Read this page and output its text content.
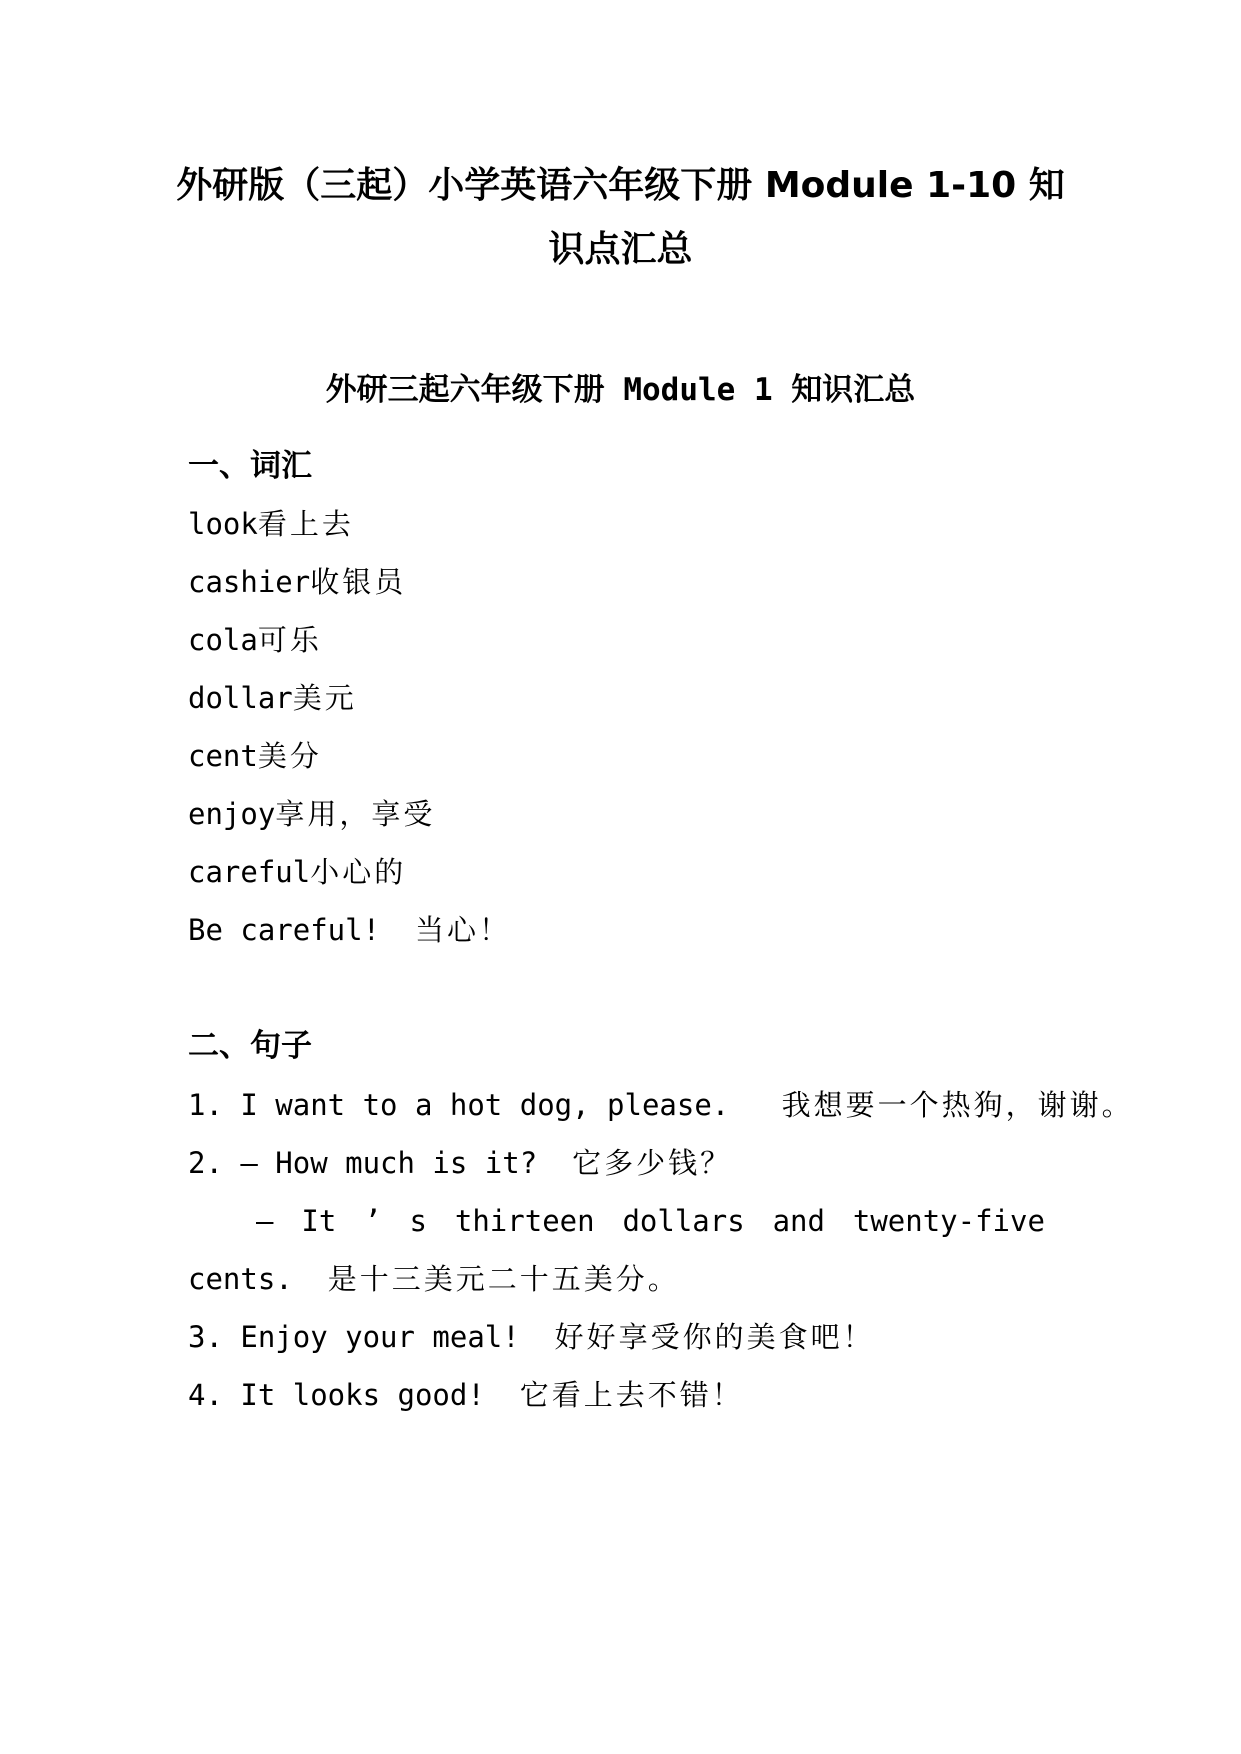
外研版（三起）小学英语六年级下册 Module 1-10 知
识点汇总
外研三起六年级下册 Module 1 知识汇总
一、词汇
look看上去
cashier收银员
cola可乐
dollar美元
cent美分
enjoy享用，享受
careful小心的
Be careful! 当心！
二、句子
1. I want to a hot dog, please. 我想要一个热狗，谢谢。
2. — How much is it? 它多少钱？
— It ’ s thirteen dollars and twenty-five
cents. 是十三美元二十五美分。
3. Enjoy your meal! 好好享受你的美食吧！
4. It looks good! 它看上去不错！
